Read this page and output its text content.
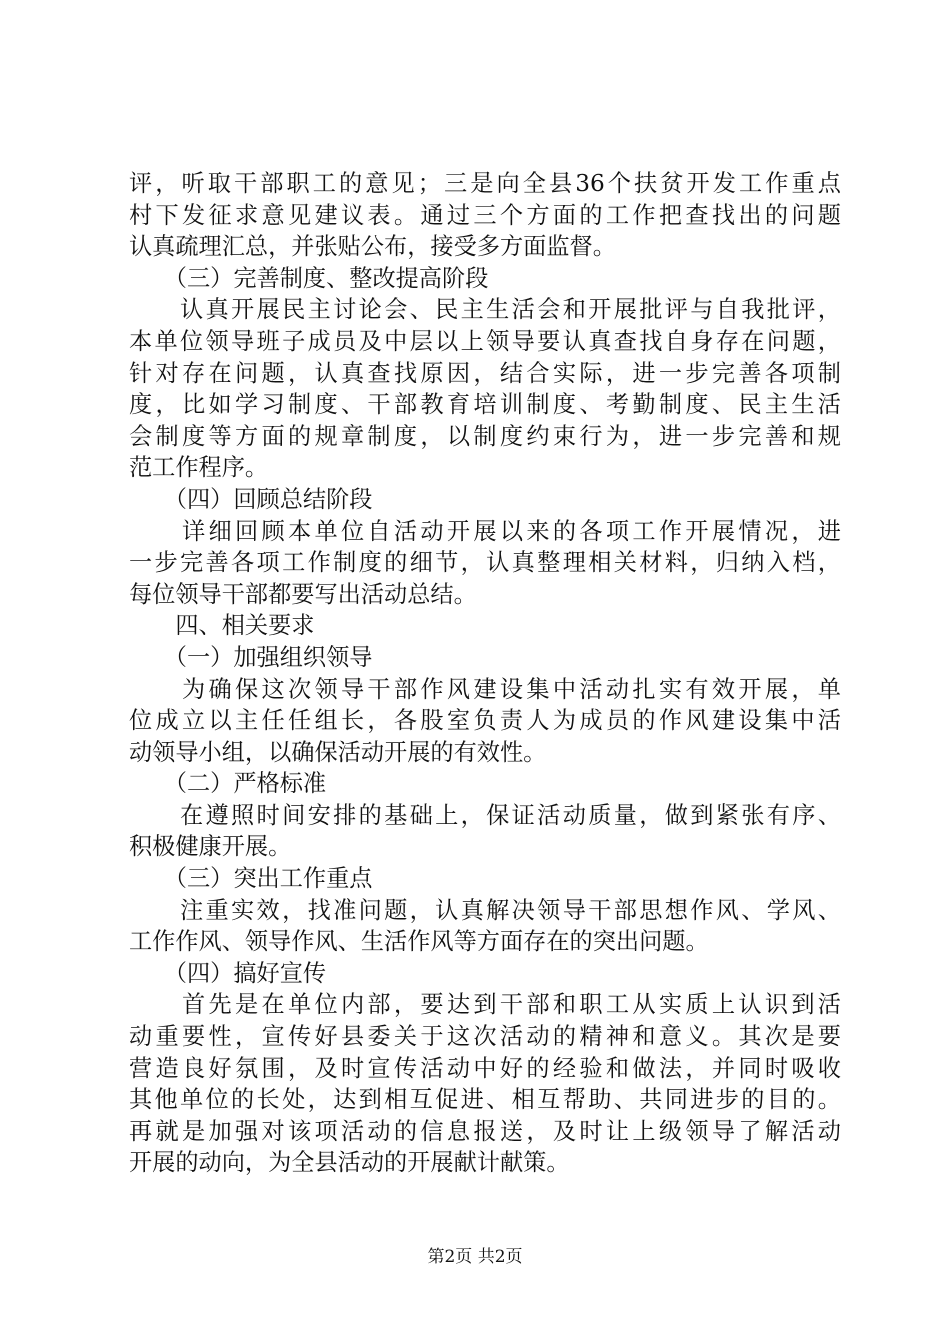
评，听取干部职工的意见；三是向全县36个扶贫开发工作重点
村下发征求意见建议表。通过三个方面的工作把查找出的问题
认真疏理汇总，并张贴公布，接受多方面监督。
　　（三）完善制度、整改提高阶段
　　认真开展民主讨论会、民主生活会和开展批评与自我批评，
本单位领导班子成员及中层以上领导要认真查找自身存在问题，
针对存在问题，认真查找原因，结合实际，进一步完善各项制
度，比如学习制度、干部教育培训制度、考勤制度、民主生活
会制度等方面的规章制度，以制度约束行为，进一步完善和规
范工作程序。
　　（四）回顾总结阶段
　　详细回顾本单位自活动开展以来的各项工作开展情况，进
一步完善各项工作制度的细节，认真整理相关材料，归纳入档，
每位领导干部都要写出活动总结。
　　四、相关要求
　　（一）加强组织领导
　　为确保这次领导干部作风建设集中活动扎实有效开展，单
位成立以主任任组长，各股室负责人为成员的作风建设集中活
动领导小组，以确保活动开展的有效性。
　　（二）严格标准
　　在遵照时间安排的基础上，保证活动质量，做到紧张有序、
积极健康开展。
　　（三）突出工作重点
　　注重实效，找准问题，认真解决领导干部思想作风、学风、
工作作风、领导作风、生活作风等方面存在的突出问题。
　　（四）搞好宣传
　　首先是在单位内部，要达到干部和职工从实质上认识到活
动重要性，宣传好县委关于这次活动的精神和意义。其次是要
营造良好氛围，及时宣传活动中好的经验和做法，并同时吸收
其他单位的长处，达到相互促进、相互帮助、共同进步的目的。
再就是加强对该项活动的信息报送，及时让上级领导了解活动
开展的动向，为全县活动的开展献计献策。
第2页 共2页
